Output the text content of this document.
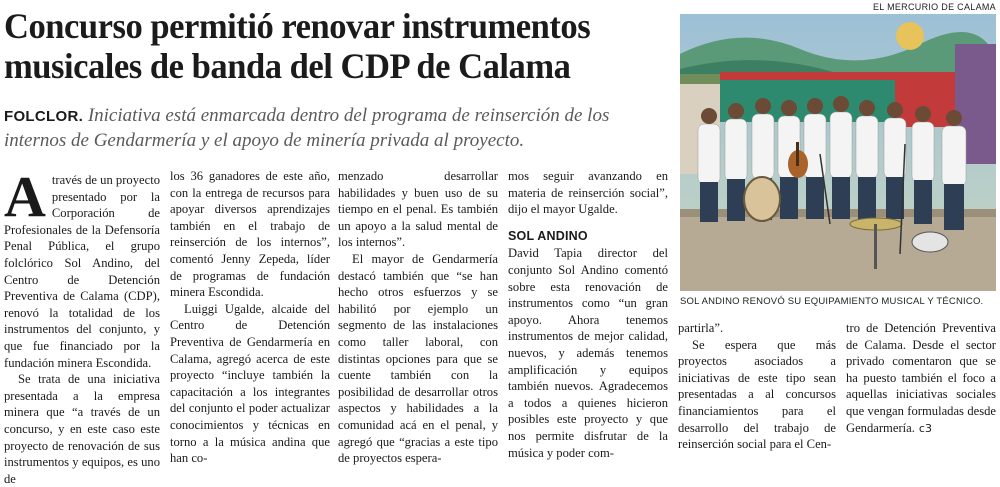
Concurso permitió renovar instrumentos musicales de banda del CDP de Calama
FOLCLOR. Iniciativa está enmarcada dentro del programa de reinserción de los internos de Gendarmería y el apoyo de minería privada al proyecto.

Através de un proyecto presentado por la Corporación de Profesionales de la Defensoría Penal Pública, el grupo folclórico Sol Andino, del Centro de Detención Preventiva de Calama (CDP), renovó la totalidad de los instrumentos del conjunto, y que fue financiado por la fundación minera Escondida.

Se trata de una iniciativa presentada a la empresa minera que “a través de un concurso, y en este caso este proyecto de renovación de sus instrumentos y equipos, es uno de

los 36 ganadores de este año, con la entrega de recursos para apoyar diversos aprendizajes también en el trabajo de reinserción de los internos”, comentó Jenny Zepeda, líder de programas de fundación minera Escondida.

Luiggi Ugalde, alcaide del Centro de Detención Preventiva de Gendarmería en Calama, agregó acerca de este proyecto “incluye también la capacitación a los integrantes del conjunto el poder actualizar conocimientos y técnicas en torno a la música andina que han co-

menzado desarrollar habilidades y buen uso de su tiempo en el penal. Es también un apoyo a la salud mental de los internos”.

El mayor de Gendarmería destacó también que “se han hecho otros esfuerzos y se habilitó por ejemplo un segmento de las instalaciones como taller laboral, con distintas opciones para que se cuente también con la posibilidad de desarrollar otros aspectos y habilidades a la comunidad acá en el penal, y agregó que “gracias a este tipo de proyectos espera-

mos seguir avanzando en materia de reinserción social”, dijo el mayor Ugalde.

SOL ANDINO

David Tapia director del conjunto Sol Andino comentó sobre esta renovación de instrumentos como “un gran apoyo. Ahora tenemos instrumentos de mejor calidad, nuevos, y además tenemos amplificación y equipos también nuevos. Agradecemos a todos a quienes hicieron posibles este proyecto y que nos permite disfrutar de la música y poder com-

partirla”.

Se espera que más proyectos asociados a iniciativas de este tipo sean presentadas a al concursos financiamientos para el desarrollo del trabajo de reinserción social para el Cen-

tro de Detención Preventiva de Calama. Desde el sector privado comentaron que se ha puesto también el foco a aquellas iniciativas sociales que vengan formuladas desde Gendarmería. c3

EL MERCURIO DE CALAMA
SOL ANDINO RENOVÓ SU EQUIPAMIENTO MUSICAL Y TÉCNICO.
